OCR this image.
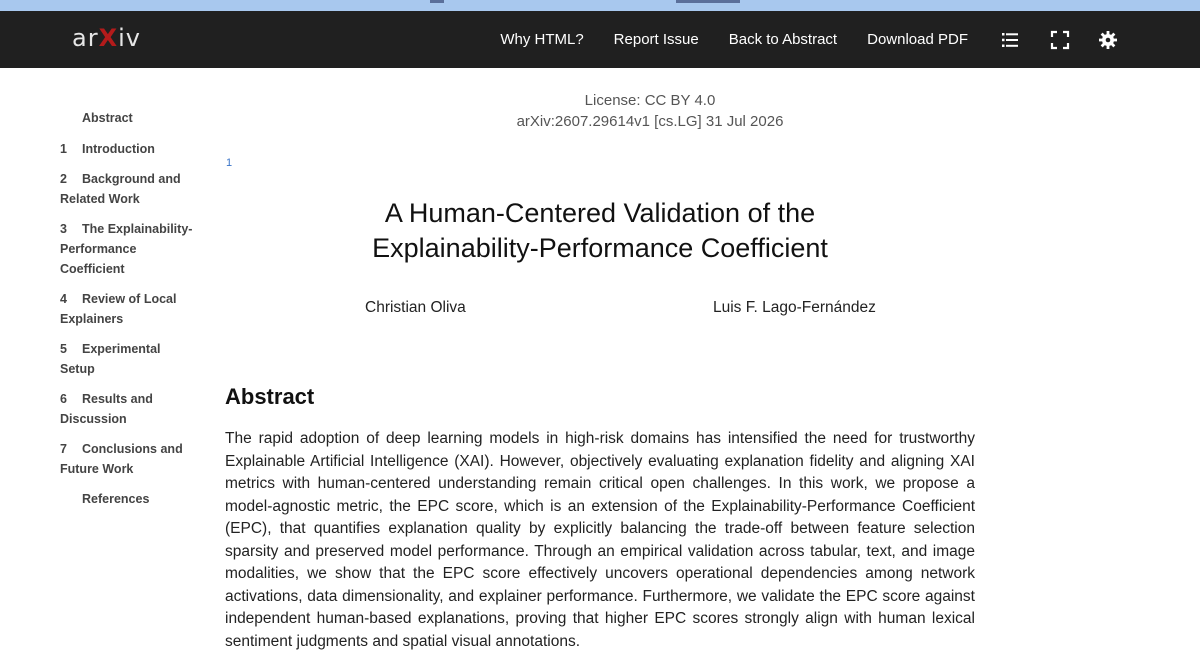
arXiv	Why HTML? Report Issue Back to Abstract Download PDF
Abstract
1 Introduction
2 Background and Related Work
3 The Explainability-Performance Coefficient
4 Review of Local Explainers
5 Experimental Setup
6 Results and Discussion
7 Conclusions and Future Work
References
1
License: CC BY 4.0
arXiv:2607.29614v1 [cs.LG] 31 Jul 2026
A Human-Centered Validation of the Explainability-Performance Coefficient
Christian Oliva	Luis F. Lago-Fernández
Abstract

The rapid adoption of deep learning models in high-risk domains has intensified the need for trustworthy Explainable Artificial Intelligence (XAI). However, objectively evaluating explanation fidelity and aligning XAI metrics with human-centered understanding remain critical open challenges. In this work, we propose a model-agnostic metric, the EPC score, which is an extension of the Explainability-Performance Coefficient (EPC), that quantifies explanation quality by explicitly balancing the trade-off between feature selection sparsity and preserved model performance. Through an empirical validation across tabular, text, and image modalities, we show that the EPC score effectively uncovers operational dependencies among network activations, data dimensionality, and explainer performance. Furthermore, we validate the EPC score against independent human-based explanations, proving that higher EPC scores strongly align with human lexical sentiment judgments and spatial visual annotations.
